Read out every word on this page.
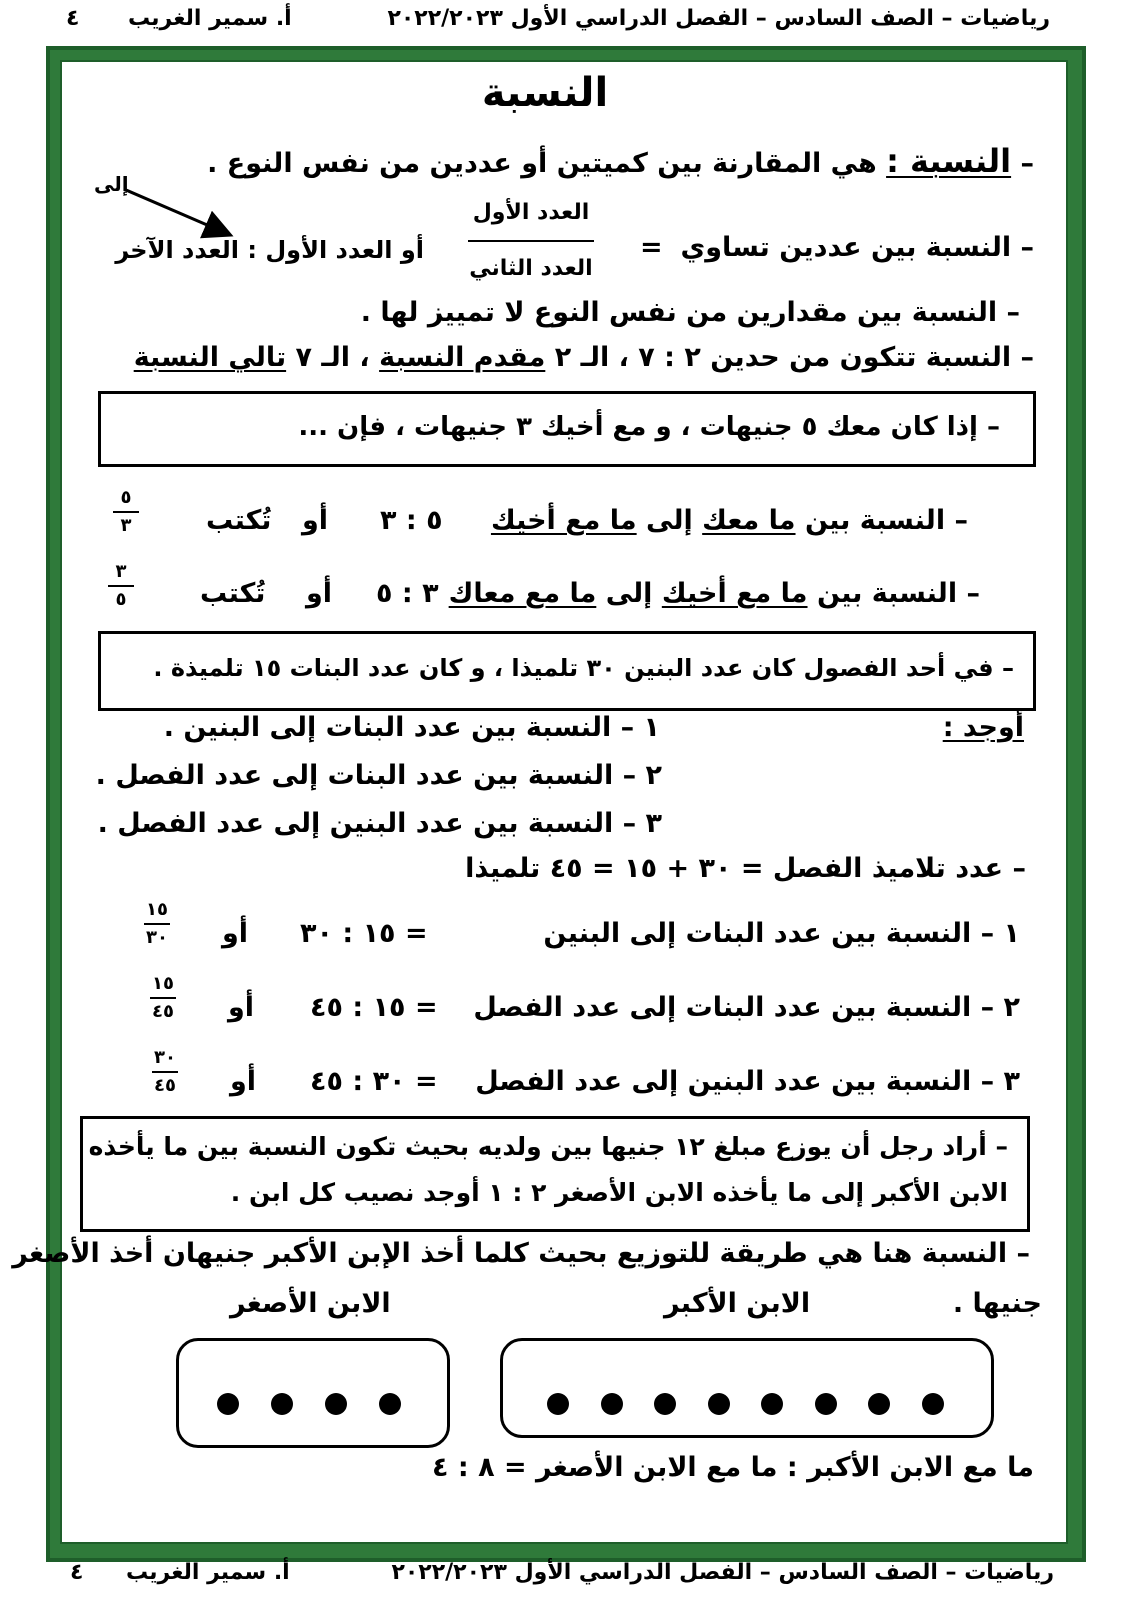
رياضيات – الصف السادس – الفصل الدراسي الأول ٢٠٢٢/٢٠٢٣
أ. سمير الغريب
٤
النسبة
– النسبة : هي المقارنة بين كميتين أو عددين من نفس النوع .
– النسبة بين عددين تساوي
=
العدد الأول
العدد الثاني
أو العدد الأول : العدد الآخر
إلى
– النسبة بين مقدارين من نفس النوع لا تمييز لها .
– النسبة تتكون من حدين ٢ : ٧ ، الـ ٢ مقدم النسبة ، الـ ٧ تالي النسبة
– إذا كان معك ٥ جنيهات ، و مع أخيك ٣ جنيهات ، فإن ...
– النسبة بين ما معك إلى ما مع أخيك
٥ : ٣
أو
تُكتب
٥
٣
– النسبة بين ما مع أخيك إلى ما مع معاك
٣ : ٥
أو
تُكتب
٣
٥
– في أحد الفصول كان عدد البنين ٣٠ تلميذا ، و كان عدد البنات ١٥ تلميذة .
أوجد :
١ – النسبة بين عدد البنات إلى البنين .
٢ – النسبة بين عدد البنات إلى عدد الفصل .
٣ – النسبة بين عدد البنين إلى عدد الفصل .
– عدد تلاميذ الفصل = ٣٠ + ١٥ = ٤٥ تلميذا
١ – النسبة بين عدد البنات إلى البنين
= ١٥ : ٣٠
أو
١٥
٣٠
٢ – النسبة بين عدد البنات إلى عدد الفصل
= ١٥ : ٤٥
أو
١٥
٤٥
٣ – النسبة بين عدد البنين إلى عدد الفصل
= ٣٠ : ٤٥
أو
٣٠
٤٥
– أراد رجل أن يوزع مبلغ ١٢ جنيها بين ولديه بحيث تكون النسبة بين ما يأخذه
الابن الأكبر إلى ما يأخذه الابن الأصغر ٢ : ١ أوجد نصيب كل ابن .
– النسبة هنا هي طريقة للتوزيع بحيث كلما أخذ الإبن الأكبر جنيهان أخذ الأصغر
جنيها .
الابن الأكبر
الابن الأصغر
ما مع الابن الأكبر : ما مع الابن الأصغر = ٨ : ٤
رياضيات – الصف السادس – الفصل الدراسي الأول ٢٠٢٢/٢٠٢٣
أ. سمير الغريب
٤
